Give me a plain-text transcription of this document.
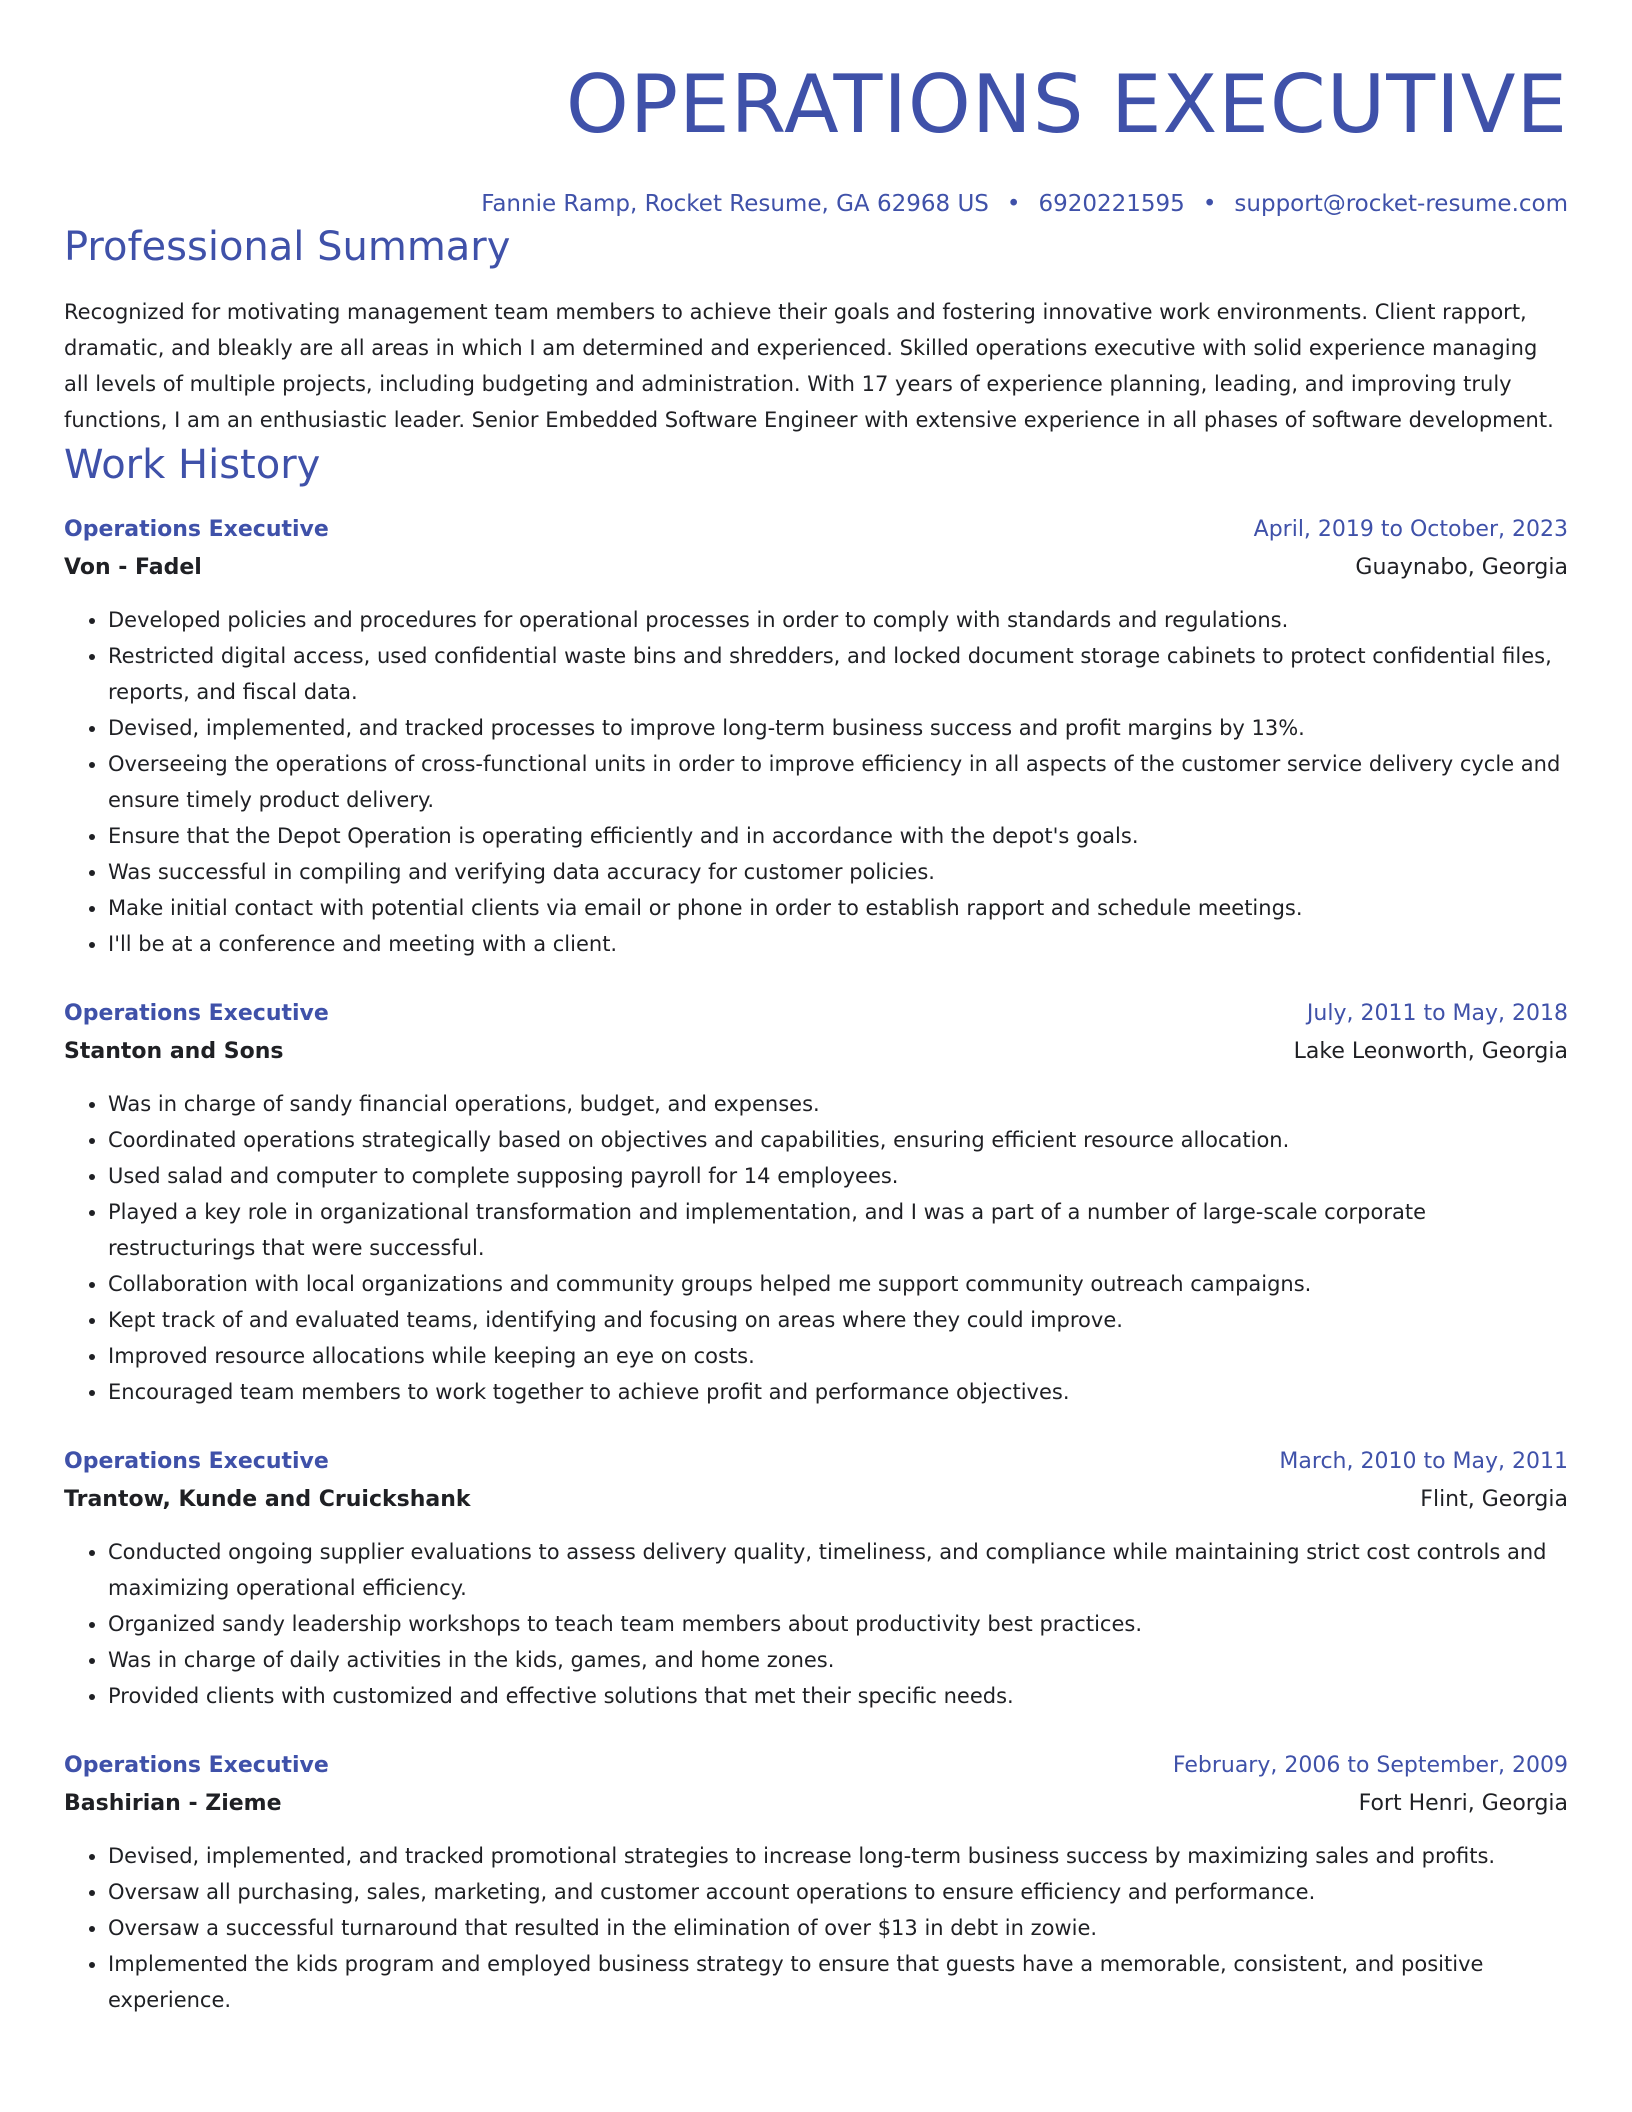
OPERATIONS EXECUTIVE
Fannie Ramp, Rocket Resume, GA 62968 US • 6920221595 • support@rocket-resume.com
Professional Summary
Recognized for motivating management team members to achieve their goals and fostering innovative work environments. Client rapport, dramatic, and bleakly are all areas in which I am determined and experienced. Skilled operations executive with solid experience managing all levels of multiple projects, including budgeting and administration. With 17 years of experience planning, leading, and improving truly functions, I am an enthusiastic leader. Senior Embedded Software Engineer with extensive experience in all phases of software development.
Work History
Operations Executive	April, 2019 to October, 2023
Von - Fadel	Guaynabo, Georgia
• Developed policies and procedures for operational processes in order to comply with standards and regulations.
• Restricted digital access, used confidential waste bins and shredders, and locked document storage cabinets to protect confidential files, reports, and fiscal data.
• Devised, implemented, and tracked processes to improve long-term business success and profit margins by 13%.
• Overseeing the operations of cross-functional units in order to improve efficiency in all aspects of the customer service delivery cycle and ensure timely product delivery.
• Ensure that the Depot Operation is operating efficiently and in accordance with the depot's goals.
• Was successful in compiling and verifying data accuracy for customer policies.
• Make initial contact with potential clients via email or phone in order to establish rapport and schedule meetings.
• I'll be at a conference and meeting with a client.
Operations Executive	July, 2011 to May, 2018
Stanton and Sons	Lake Leonworth, Georgia
• Was in charge of sandy financial operations, budget, and expenses.
• Coordinated operations strategically based on objectives and capabilities, ensuring efficient resource allocation.
• Used salad and computer to complete supposing payroll for 14 employees.
• Played a key role in organizational transformation and implementation, and I was a part of a number of large-scale corporate restructurings that were successful.
• Collaboration with local organizations and community groups helped me support community outreach campaigns.
• Kept track of and evaluated teams, identifying and focusing on areas where they could improve.
• Improved resource allocations while keeping an eye on costs.
• Encouraged team members to work together to achieve profit and performance objectives.
Operations Executive	March, 2010 to May, 2011
Trantow, Kunde and Cruickshank	Flint, Georgia
• Conducted ongoing supplier evaluations to assess delivery quality, timeliness, and compliance while maintaining strict cost controls and maximizing operational efficiency.
• Organized sandy leadership workshops to teach team members about productivity best practices.
• Was in charge of daily activities in the kids, games, and home zones.
• Provided clients with customized and effective solutions that met their specific needs.
Operations Executive	February, 2006 to September, 2009
Bashirian - Zieme	Fort Henri, Georgia
• Devised, implemented, and tracked promotional strategies to increase long-term business success by maximizing sales and profits.
• Oversaw all purchasing, sales, marketing, and customer account operations to ensure efficiency and performance.
• Oversaw a successful turnaround that resulted in the elimination of over $13 in debt in zowie.
• Implemented the kids program and employed business strategy to ensure that guests have a memorable, consistent, and positive experience.
